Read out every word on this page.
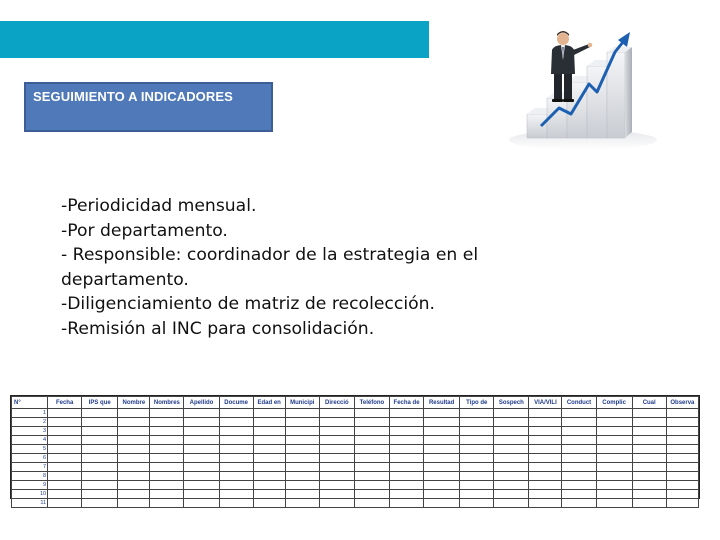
SEGUIMIENTO A INDICADORES
-Periodicidad mensual.
-Por departamento.
- Responsible: coordinador de la estrategia en el
departamento.
-Diligenciamiento de matriz de recolección.
-Remisión al INC para consolidación.
N°	Fecha	IPS que	Nombre	Nombres	Apellido	Docume	Edad en	Municipi	Direcció	Teléfono	Fecha de	Resultad	Tipo de	Sospech	VIA/VILI	Conduct	Complic	Cual	Observa
1																			
2																			
3																			
4																			
5																			
6																			
7																			
8																			
9																			
10																			
11																			
